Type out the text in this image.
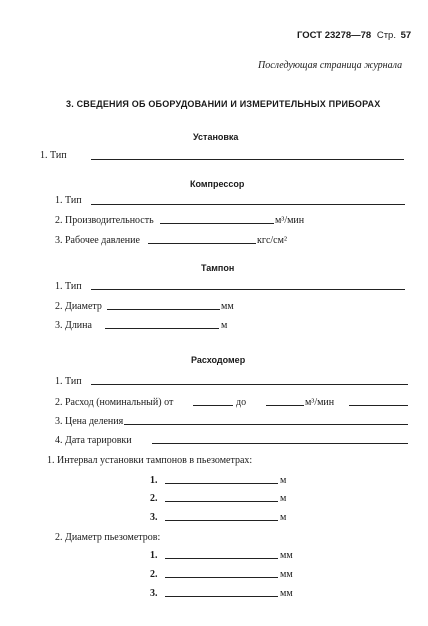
ГОСТ 23278—78 Стр. 57
Последующая страница журнала
3. СВЕДЕНИЯ ОБ ОБОРУДОВАНИИ И ИЗМЕРИТЕЛЬНЫХ ПРИБОРАХ
Установка
1. Тип
Компрессор
1. Тип
2. Производительность	м³/мин
3. Рабочее давление	кгс/см²
Тампон
1. Тип
2. Диаметр	мм
3. Длина	м
Расходомер
1. Тип
2. Расход (номинальный) от	до	м³/мин
3. Цена деления
4. Дата тарировки
1. Интервал установки тампонов в пьезометрах:
1.	м
2.	м
3.	м
2. Диаметр пьезометров:
1.	мм
2.	мм
3.	мм
